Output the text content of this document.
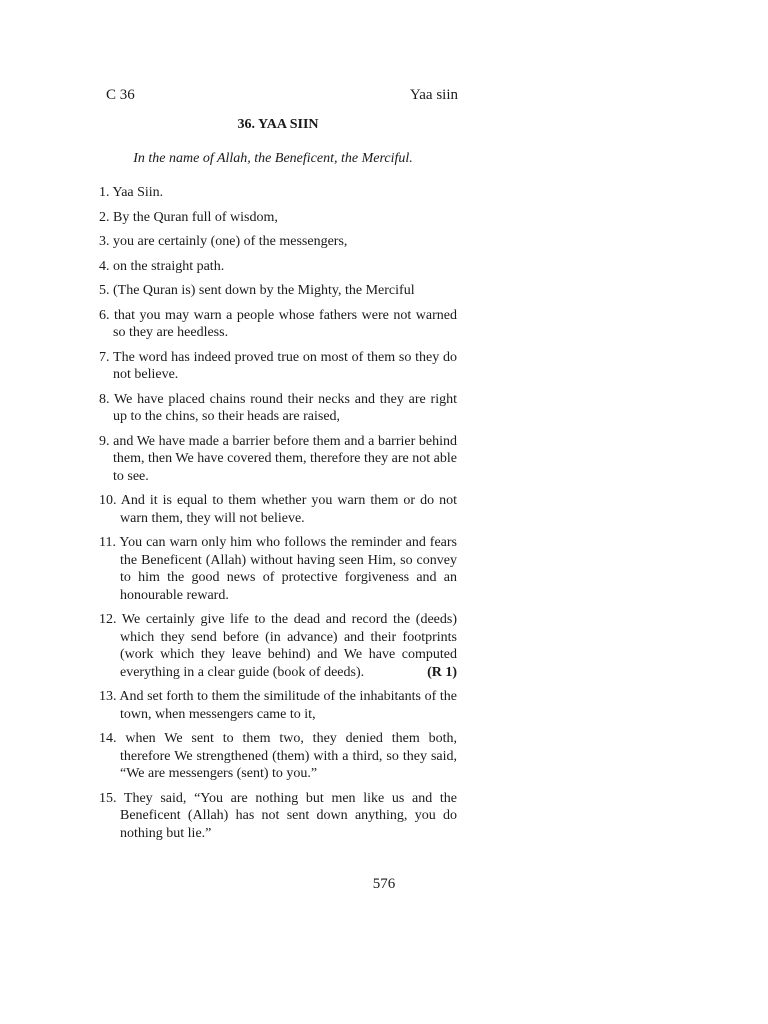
C 36	Yaa siin
36. YAA SIIN
In the name of Allah, the Beneficent, the Merciful.
1. Yaa Siin.
2. By the Quran full of wisdom,
3. you are certainly (one) of the messengers,
4. on the straight path.
5. (The Quran is) sent down by the Mighty, the Merciful
6. that you may warn a people whose fathers were not warned so they are heedless.
7. The word has indeed proved true on most of them so they do not believe.
8. We have placed chains round their necks and they are right up to the chins, so their heads are raised,
9. and We have made a barrier before them and a barrier behind them, then We have covered them, therefore they are not able to see.
10. And it is equal to them whether you warn them or do not warn them, they will not believe.
11. You can warn only him who follows the reminder and fears the Beneficent (Allah) without having seen Him, so convey to him the good news of protective forgiveness and an honourable reward.
12. We certainly give life to the dead and record the (deeds) which they send before (in advance) and their footprints (work which they leave behind) and We have computed everything in a clear guide (book of deeds).	(R 1)
13. And set forth to them the similitude of the inhabitants of the town, when messengers came to it,
14. when We sent to them two, they denied them both, therefore We strengthened (them) with a third, so they said, “We are messengers (sent) to you.”
15. They said, “You are nothing but men like us and the Beneficent (Allah) has not sent down anything, you do nothing but lie.”
576
